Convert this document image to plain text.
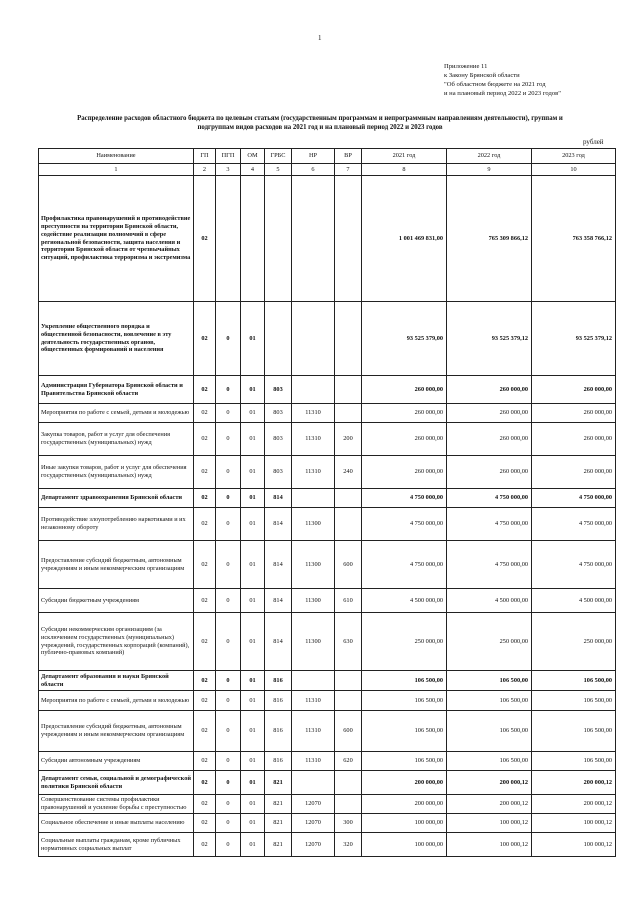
1
Приложение 11
к Закону Брянской области
"Об областном бюджете на 2021 год
и на плановый период 2022 и 2023 годов"
Распределение расходов областного бюджета по целевым статьям (государственным программам и непрограммным направлениям деятельности), группам и
подгруппам видов расходов на 2021 год и на плановый период 2022 и 2023 годов
рублей
Наименование	ГП	ПГП	ОМ	ГРБС	НР	ВР	2021 год	2022 год	2023 год
1	2	3	4	5	6	7	8	9	10
Профилактика правонарушений и противодействие преступности на территории Брянской области, содействие реализации полномочий в сфере региональной безопасности, защита населения и территории Брянской области от чрезвычайных ситуаций, профилактика терроризма и экстремизма	02						1 001 469 831,00	765 309 866,12	763 358 766,12
Укрепление общественного порядка и общественной безопасности, вовлечение в эту деятельность государственных органов, общественных формирований и населения	02	0	01				93 525 379,00	93 525 379,12	93 525 379,12
Администрация Губернатора Брянской области и Правительства Брянской области	02	0	01	803			260 000,00	260 000,00	260 000,00
Мероприятия по работе с семьей, детьми и молодежью	02	0	01	803	11310		260 000,00	260 000,00	260 000,00
Закупка товаров, работ и услуг для обеспечения государственных (муниципальных) нужд	02	0	01	803	11310	200	260 000,00	260 000,00	260 000,00
Иные закупки товаров, работ и услуг для обеспечения государственных (муниципальных) нужд	02	0	01	803	11310	240	260 000,00	260 000,00	260 000,00
Департамент здравоохранения Брянской области	02	0	01	814			4 750 000,00	4 750 000,00	4 750 000,00
Противодействие злоупотреблению наркотиками и их незаконному обороту	02	0	01	814	11300		4 750 000,00	4 750 000,00	4 750 000,00
Предоставление субсидий бюджетным, автономным учреждениям и иным некоммерческим организациям	02	0	01	814	11300	600	4 750 000,00	4 750 000,00	4 750 000,00
Субсидии бюджетным учреждениям	02	0	01	814	11300	610	4 500 000,00	4 500 000,00	4 500 000,00
Субсидии некоммерческим организациям (за исключением государственных (муниципальных) учреждений, государственных корпораций (компаний), публично-правовых компаний)	02	0	01	814	11300	630	250 000,00	250 000,00	250 000,00
Департамент образования и науки Брянской области	02	0	01	816			106 500,00	106 500,00	106 500,00
Мероприятия по работе с семьей, детьми и молодежью	02	0	01	816	11310		106 500,00	106 500,00	106 500,00
Предоставление субсидий бюджетным, автономным учреждениям и иным некоммерческим организациям	02	0	01	816	11310	600	106 500,00	106 500,00	106 500,00
Субсидии автономным учреждениям	02	0	01	816	11310	620	106 500,00	106 500,00	106 500,00
Департамент семьи, социальной и демографической политики Брянской области	02	0	01	821			200 000,00	200 000,12	200 000,12
Совершенствование системы профилактики правонарушений и усиление борьбы с преступностью	02	0	01	821	12070		200 000,00	200 000,12	200 000,12
Социальное обеспечение и иные выплаты населению	02	0	01	821	12070	300	100 000,00	100 000,12	100 000,12
Социальные выплаты гражданам, кроме публичных нормативных социальных выплат	02	0	01	821	12070	320	100 000,00	100 000,12	100 000,12
